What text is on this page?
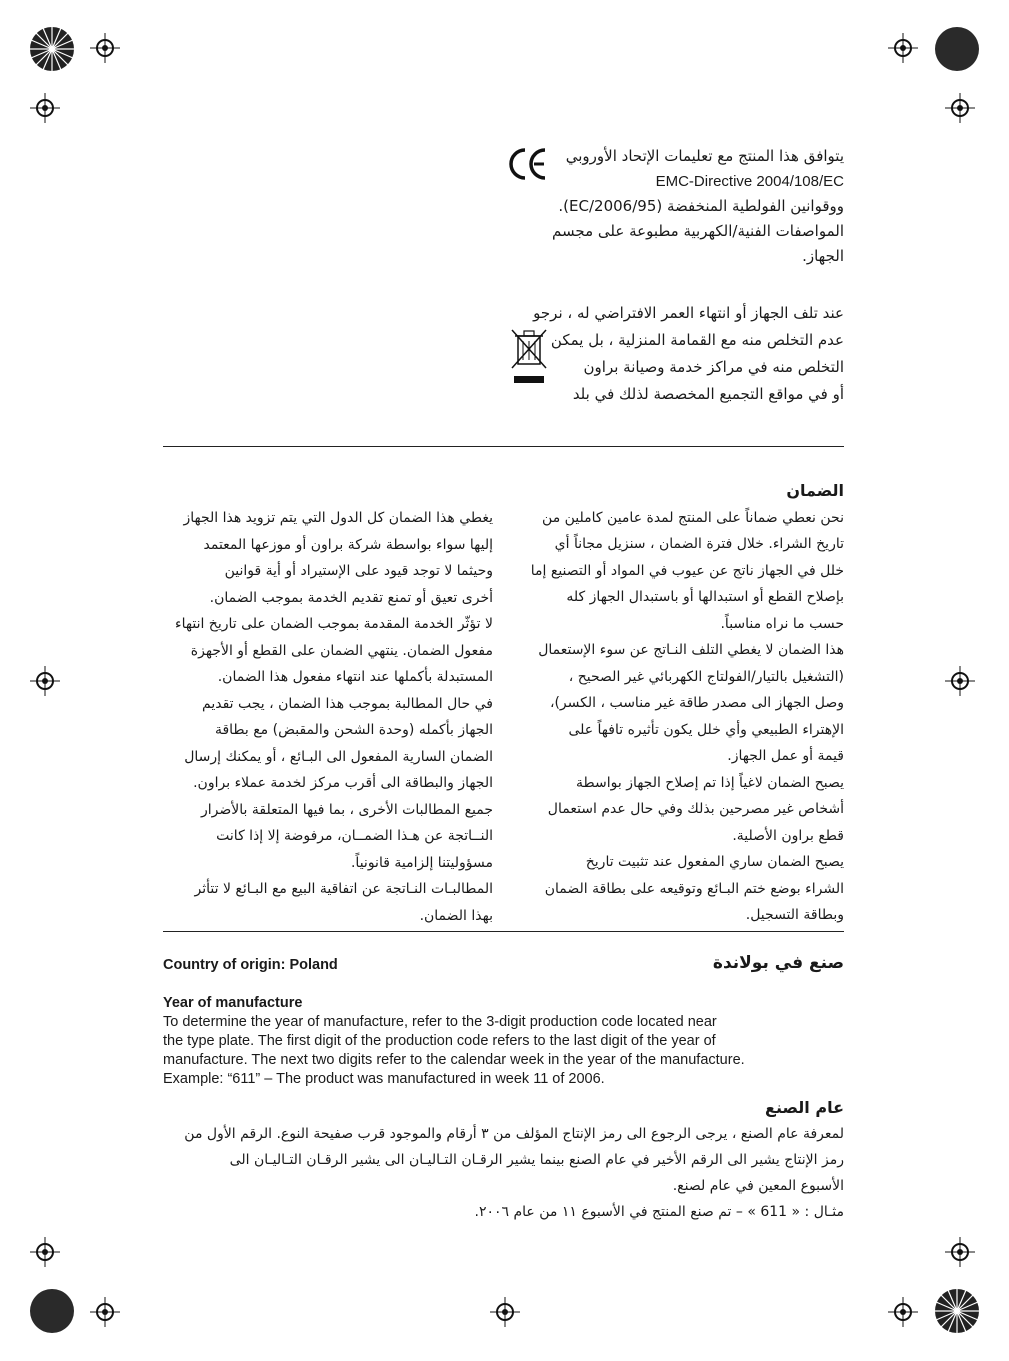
يتوافق هذا المنتج مع تعليمات الإتحاد الأوروبي
EMC-Directive 2004/108/EC
ووقوانين الفولطية المنخفضة (2006/95/EC).
المواصفات الفنية/الكهربية مطبوعة على مجسم
الجهاز.
عند تلف الجهاز أو انتهاء العمر الافتراضي له ، نرجو
عدم التخلص منه مع القمامة المنزلية ، بل يمكن
التخلص منه في مراكز خدمة وصيانة براون
أو في مواقع التجميع المخصصة لذلك في بلد
الضمان
نحن نعطي ضماناً على المنتج لمدة عامين كاملين من
تاريخ الشراء. خلال فترة الضمان ، سنزيل مجاناً أي
خلل في الجهاز ناتج عن عيوب في المواد أو التصنيع إما
بإصلاح القطع أو استبدالها أو باستبدال الجهاز كله
حسب ما نراه مناسباً.
هذا الضمان لا يغطي التلف النـاتج عن سوء الإستعمال
(التشغيل بالتيار/الفولتاج الكهربائي غير الصحيح ،
وصل الجهاز الى مصدر طاقة غير مناسب ، الكسر)،
الإهتراء الطبيعي وأي خلل يكون تأثيره تافهاً على
قيمة أو عمل الجهاز.
يصبح الضمان لاغياً إذا تم إصلاح الجهاز بواسطة
أشخاص غير مصرحين بذلك وفي حال عدم استعمال
قطع براون الأصلية.
يصبح الضمان ساري المفعول عند تثبيت تاريخ
الشراء بوضع ختم البـائع وتوقيعه على بطاقة الضمان
وبطاقة التسجيل.
يغطي هذا الضمان كل الدول التي يتم تزويد هذا الجهاز
إليها سواء بواسطة شركة براون أو موزعها المعتمد
وحيثما لا توجد قيود على الإستيراد أو أية قوانين
أخرى تعيق أو تمنع تقديم الخدمة بموجب الضمان.
لا تؤثّر الخدمة المقدمة بموجب الضمان على تاريخ انتهاء
مفعول الضمان. ينتهي الضمان على القطع أو الأجهزة
المستبدلة بأكملها عند انتهاء مفعول هذا الضمان.
في حال المطالبة بموجب هذا الضمان ، يجب تقديم
الجهاز بأكمله (وحدة الشحن والمقبض) مع بطاقة
الضمان السارية المفعول الى البـائع ، أو يمكنك إرسال
الجهاز والبطاقة الى أقرب مركز لخدمة عملاء براون.
جميع المطالبات الأخرى ، بما فيها المتعلقة بالأضرار
النــاتجة عن هـذا الضمــان، مرفوضة إلا إذا كانت
مسؤوليتنا إلزامية قانونياً.
المطالبـات النـاتجة عن اتفاقية البيع مع البـائع لا تتأثر
بهذا الضمان.
Country of origin: Poland	صنع في بولاندة
Year of manufacture
To determine the year of manufacture, refer to the 3-digit production code located near
the type plate. The first digit of the production code refers to the last digit of the year of
manufacture. The next two digits refer to the calendar week in the year of the manufacture.
Example: “611” – The product was manufactured in week 11 of 2006.
عام الصنع
لمعرفة عام الصنع ، يرجى الرجوع الى رمز الإنتاج المؤلف من ٣ أرقام والموجود قرب صفيحة النوع. الرقم الأول من
رمز الإنتاج يشير الى الرقم الأخير في عام الصنع بينما يشير الرقـان التـاليـان الى يشير الرقـان التـاليـان الى
الأسبوع المعين في عام لصنع.
مثـال : « 611 » – تم صنع المنتج في الأسبوع ١١ من عام ٢٠٠٦.
